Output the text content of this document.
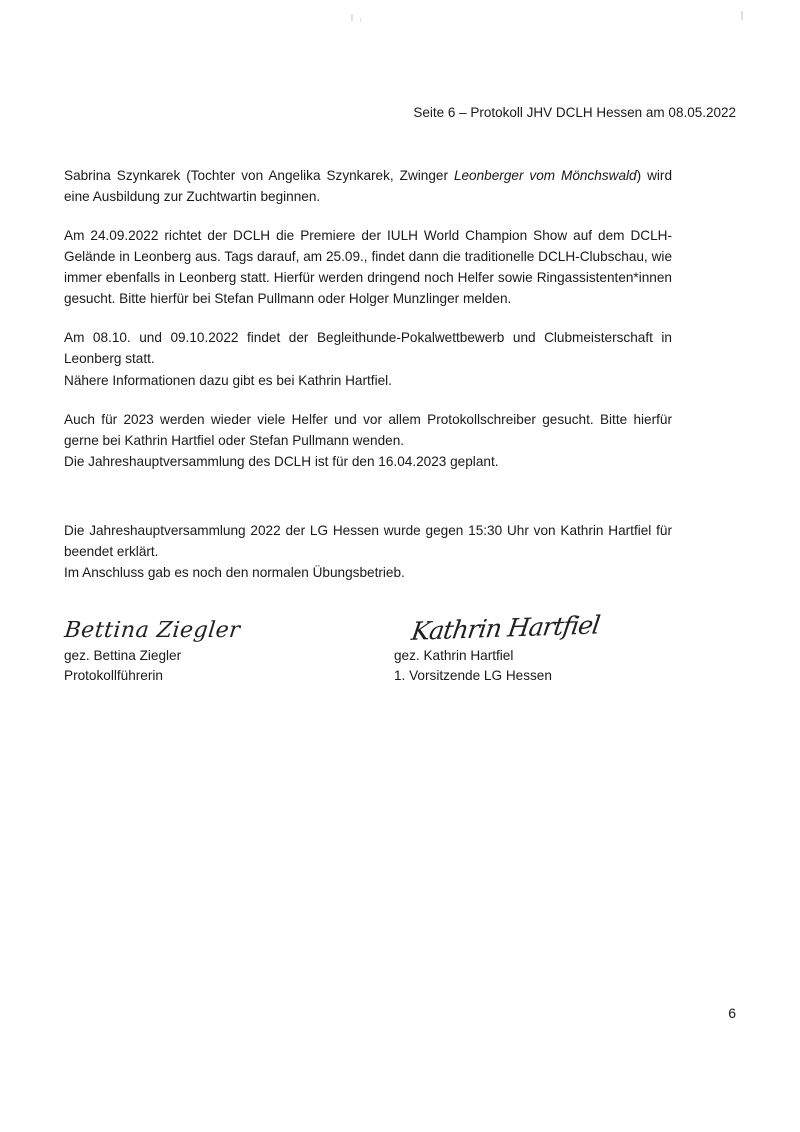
Seite 6 – Protokoll JHV DCLH Hessen am 08.05.2022

Sabrina Szynkarek (Tochter von Angelika Szynkarek, Zwinger Leonberger vom Mönchswald) wird eine Ausbildung zur Zuchtwartin beginnen.

Am 24.09.2022 richtet der DCLH die Premiere der IULH World Champion Show auf dem DCLH-Gelände in Leonberg aus. Tags darauf, am 25.09., findet dann die traditionelle DCLH-Clubschau, wie immer ebenfalls in Leonberg statt. Hierfür werden dringend noch Helfer sowie Ringassistenten*innen gesucht. Bitte hierfür bei Stefan Pullmann oder Holger Munzlinger melden.

Am 08.10. und 09.10.2022 findet der Begleithunde-Pokalwettbewerb und Clubmeisterschaft in Leonberg statt.
Nähere Informationen dazu gibt es bei Kathrin Hartfiel.

Auch für 2023 werden wieder viele Helfer und vor allem Protokollschreiber gesucht. Bitte hierfür gerne bei Kathrin Hartfiel oder Stefan Pullmann wenden.
Die Jahreshauptversammlung des DCLH ist für den 16.04.2023 geplant.

Die Jahreshauptversammlung 2022 der LG Hessen wurde gegen 15:30 Uhr von Kathrin Hartfiel für beendet erklärt.
Im Anschluss gab es noch den normalen Übungsbetrieb.

Bettina Ziegler
gez. Bettina Ziegler
Protokollführerin
Kathrin Hartfiel
gez. Kathrin Hartfiel
1. Vorsitzende LG Hessen
6
